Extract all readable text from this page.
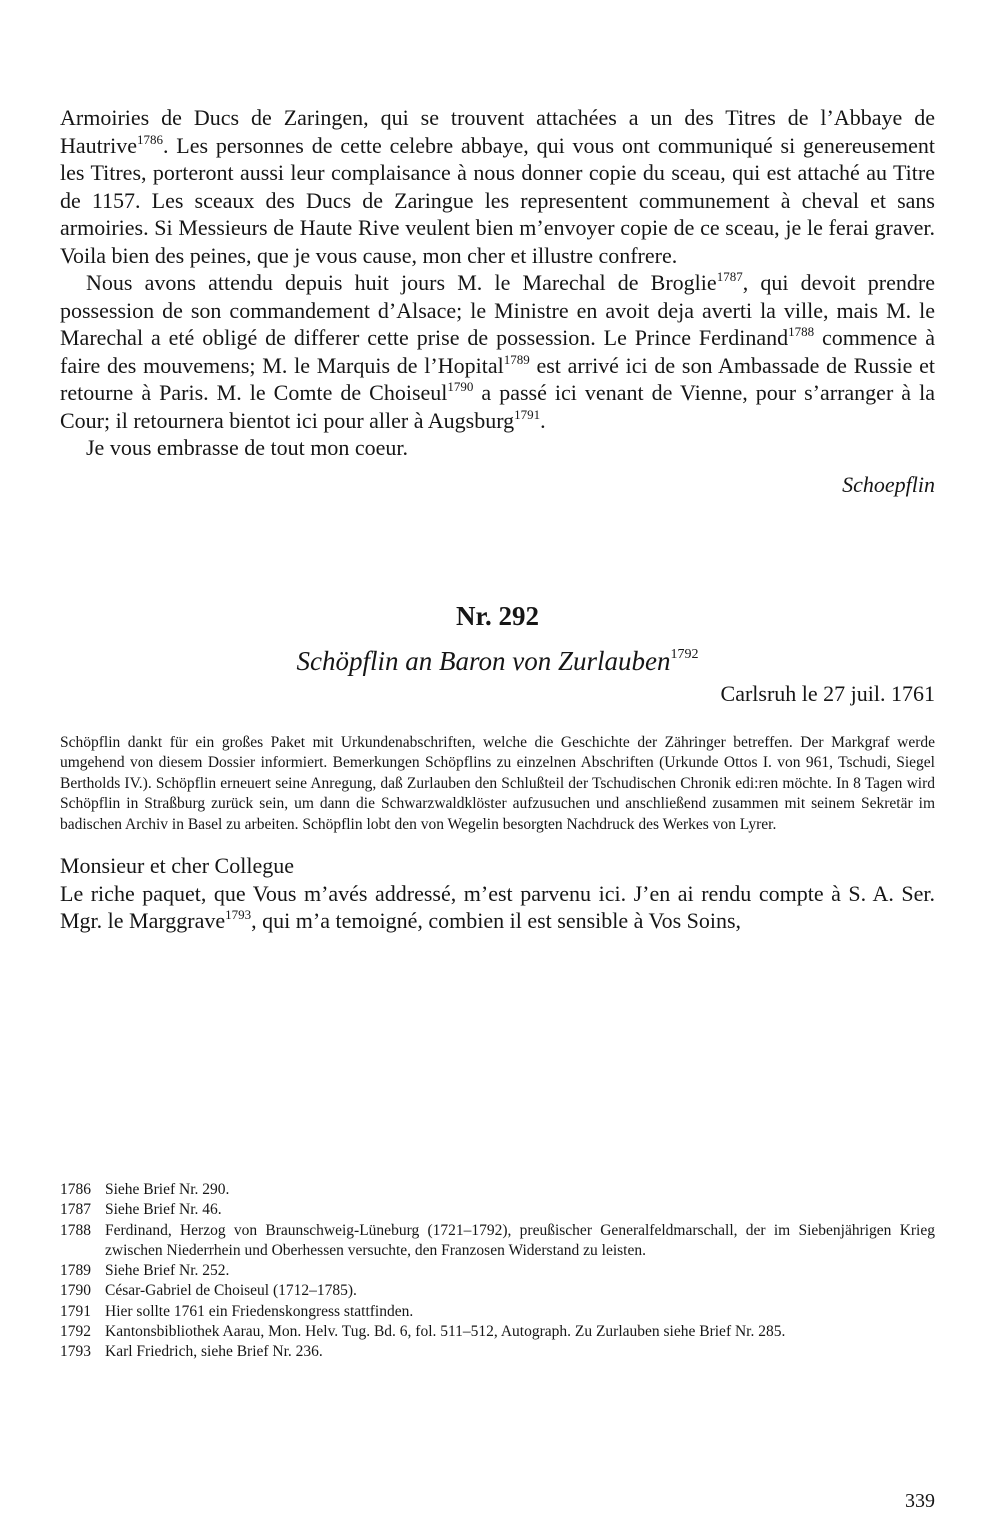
Armoiries de Ducs de Zaringen, qui se trouvent attachées a un des Titres de l’Abbaye de Hautrive$^{1786}$. Les personnes de cette celebre abbaye, qui vous ont communiqué si genereusement les Titres, porteront aussi leur complaisance à nous donner copie du sceau, qui est attaché au Titre de 1157. Les sceaux des Ducs de Zaringue les representent communement à cheval et sans armoiries. Si Messieurs de Haute Rive veulent bien m’envoyer copie de ce sceau, je le ferai graver. Voila bien des peines, que je vous cause, mon cher et illustre confrere.

Nous avons attendu depuis huit jours M. le Marechal de Broglie$^{1787}$, qui devoit prendre possession de son commandement d’Alsace; le Ministre en avoit deja averti la ville, mais M. le Marechal a eté obligé de differer cette prise de possession. Le Prince Ferdinand$^{1788}$ commence à faire des mouvemens; M. le Marquis de l’Hopital$^{1789}$ est arrivé ici de son Ambassade de Russie et retourne à Paris. M. le Comte de Choiseul$^{1790}$ a passé ici venant de Vienne, pour s’arranger à la Cour; il retournera bientot ici pour aller à Augsburg$^{1791}$.

Je vous embrasse de tout mon coeur.

Schoepflin
Nr. 292
Schöpflin an Baron von Zurlauben$^{1792}$
Carlsruh le 27 juil. 1761
Schöpflin dankt für ein großes Paket mit Urkundenabschriften, welche die Geschichte der Zähringer betreffen. Der Markgraf werde umgehend von diesem Dossier informiert. Bemerkungen Schöpflins zu einzelnen Abschriften (Urkunde Ottos I. von 961, Tschudi, Siegel Bertholds IV.). Schöpflin erneuert seine Anregung, daß Zurlauben den Schlußteil der Tschudischen Chronik edi:ren möchte. In 8 Tagen wird Schöpflin in Straßburg zurück sein, um dann die Schwarzwaldklöster aufzusuchen und anschließend zusammen mit seinem Sekretär im badischen Archiv in Basel zu arbeiten. Schöpflin lobt den von Wegelin besorgten Nachdruck des Werkes von Lyrer.
Monsieur et cher Collegue

Le riche paquet, que Vous m’avés addressé, m’est parvenu ici. J’en ai rendu compte à S. A. Ser. Mgr. le Marggrave$^{1793}$, qui m’a temoigné, combien il est sensible à Vos Soins,

1786 Siehe Brief Nr. 290.
1787 Siehe Brief Nr. 46.
1788 Ferdinand, Herzog von Braunschweig-Lüneburg (1721–1792), preußischer Generalfeldmarschall, der im Siebenjährigen Krieg zwischen Niederrhein und Oberhessen versuchte, den Franzosen Widerstand zu leisten.
1789 Siehe Brief Nr. 252.
1790 César-Gabriel de Choiseul (1712–1785).
1791 Hier sollte 1761 ein Friedenskongress stattfinden.
1792 Kantonsbibliothek Aarau, Mon. Helv. Tug. Bd. 6, fol. 511–512, Autograph. Zu Zurlauben siehe Brief Nr. 285.
1793 Karl Friedrich, siehe Brief Nr. 236.
339
